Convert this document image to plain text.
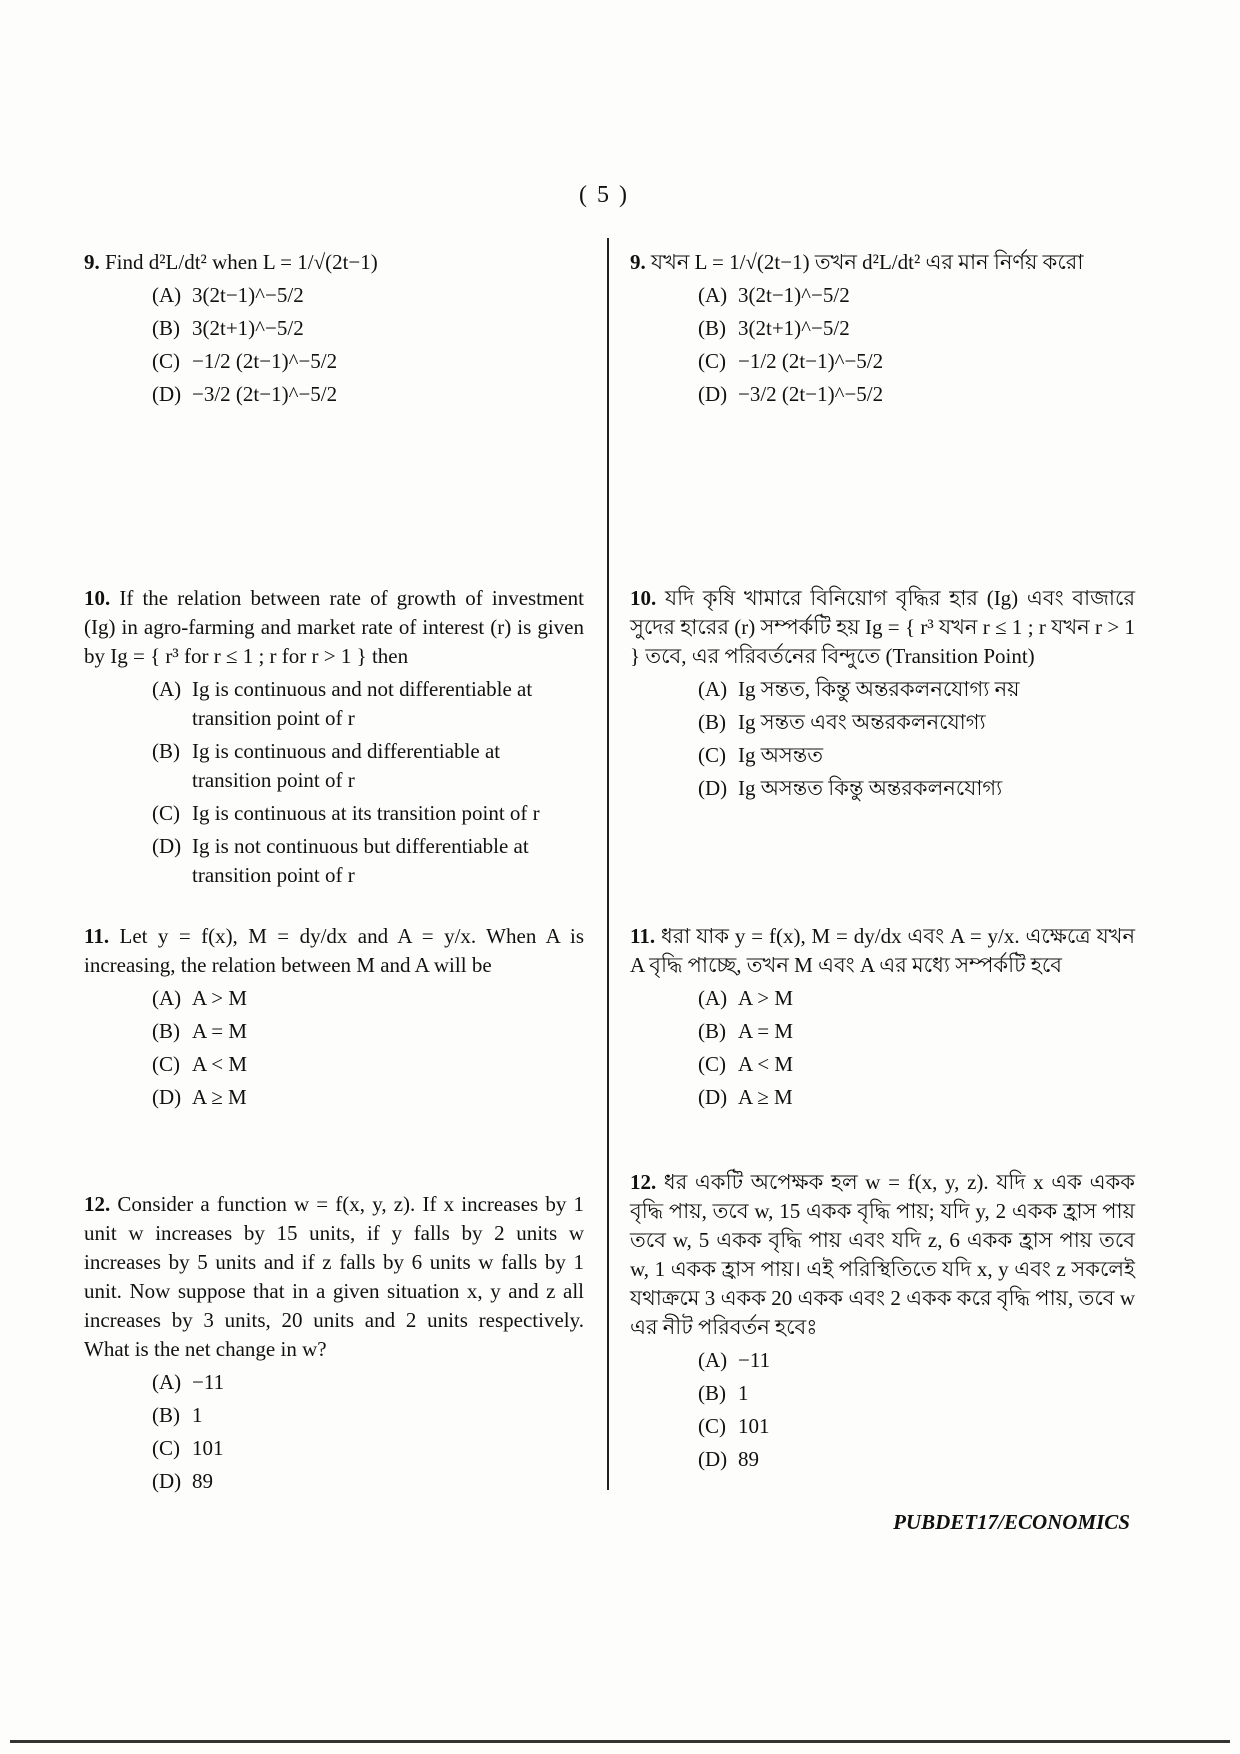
( 5 )
9. Find d²L/dt² when L = 1/√(2t−1)
(A) 3(2t−1)^−5/2
(B) 3(2t+1)^−5/2
(C) −1/2 (2t−1)^−5/2
(D) −3/2 (2t−1)^−5/2
10. If the relation between rate of growth of investment (Ig) in agro-farming and market rate of interest (r) is given by Ig = { r³ for r ≤ 1 ; r for r > 1 } then
(A) Ig is continuous and not differentiable at transition point of r
(B) Ig is continuous and differentiable at transition point of r
(C) Ig is continuous at its transition point of r
(D) Ig is not continuous but differentiable at transition point of r
11. Let y = f(x), M = dy/dx and A = y/x. When A is increasing, the relation between M and A will be
(A) A > M
(B) A = M
(C) A < M
(D) A ≥ M
12. Consider a function w = f(x, y, z). If x increases by 1 unit w increases by 15 units, if y falls by 2 units w increases by 5 units and if z falls by 6 units w falls by 1 unit. Now suppose that in a given situation x, y and z all increases by 3 units, 20 units and 2 units respectively. What is the net change in w?
(A) −11
(B) 1
(C) 101
(D) 89
9. যখন L = 1/√(2t−1) তখন d²L/dt² এর মান নির্ণয় করো
(A) 3(2t−1)^−5/2
(B) 3(2t+1)^−5/2
(C) −1/2 (2t−1)^−5/2
(D) −3/2 (2t−1)^−5/2
10. যদি কৃষি খামারে বিনিয়োগ বৃদ্ধির হার (Ig) এবং বাজারে সুদের হারের (r) সম্পর্কটি হয় Ig = { r³ যখন r ≤ 1 ; r যখন r > 1 } তবে, এর পরিবর্তনের বিন্দুতে (Transition Point)
(A) Ig সন্তত, কিন্তু অন্তরকলনযোগ্য নয়
(B) Ig সন্তত এবং অন্তরকলনযোগ্য
(C) Ig অসন্তত
(D) Ig অসন্তত কিন্তু অন্তরকলনযোগ্য
11. ধরা যাক y = f(x), M = dy/dx এবং A = y/x. এক্ষেত্রে যখন A বৃদ্ধি পাচ্ছে, তখন M এবং A এর মধ্যে সম্পর্কটি হবে
(A) A > M
(B) A = M
(C) A < M
(D) A ≥ M
12. ধর একটি অপেক্ষক হল w = f(x, y, z). যদি x এক একক বৃদ্ধি পায়, তবে w, 15 একক বৃদ্ধি পায়; যদি y, 2 একক হ্রাস পায় তবে w, 5 একক বৃদ্ধি পায় এবং যদি z, 6 একক হ্রাস পায় তবে w, 1 একক হ্রাস পায়। এই পরিস্থিতিতে যদি x, y এবং z সকলেই যথাক্রমে 3 একক 20 একক এবং 2 একক করে বৃদ্ধি পায়, তবে w এর নীট পরিবর্তন হবেঃ
(A) −11
(B) 1
(C) 101
(D) 89
PUBDET17/ECONOMICS
